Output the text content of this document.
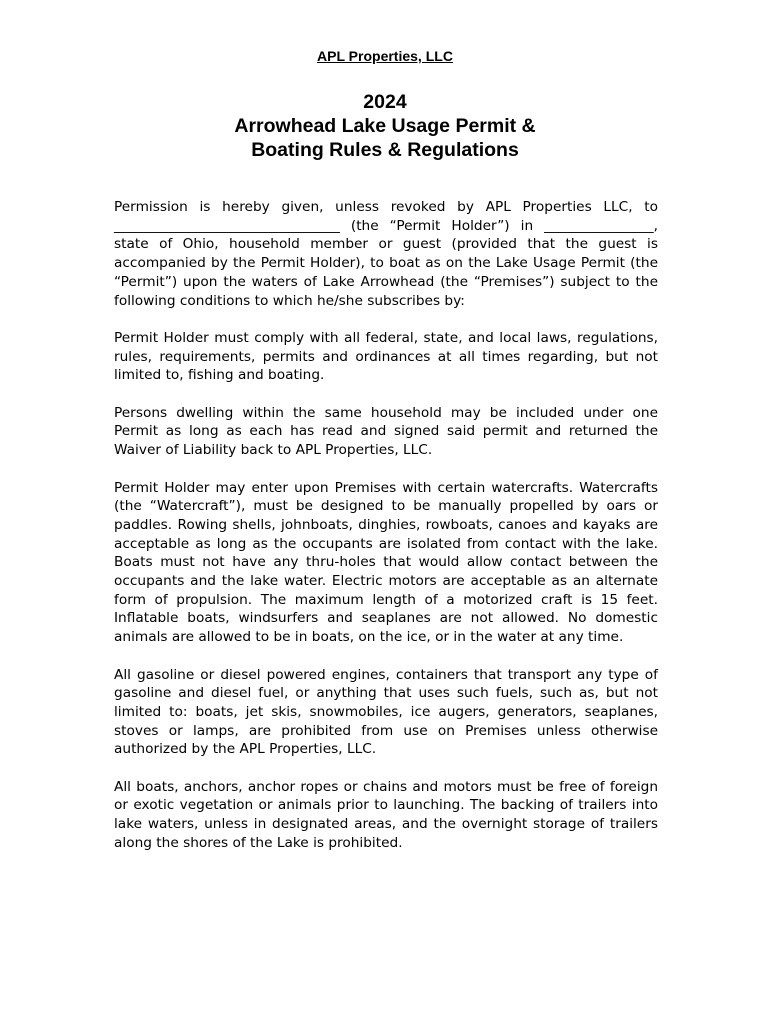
APL Properties, LLC
2024
Arrowhead Lake Usage Permit &
Boating Rules & Regulations

Permission is hereby given, unless revoked by APL Properties LLC, to _________________________________ (the “Permit Holder”) in ________________, state of Ohio, household member or guest (provided that the guest is accompanied by the Permit Holder), to boat as on the Lake Usage Permit (the “Permit”) upon the waters of Lake Arrowhead (the “Premises”) subject to the following conditions to which he/she subscribes by:

Permit Holder must comply with all federal, state, and local laws, regulations, rules, requirements, permits and ordinances at all times regarding, but not limited to, fishing and boating.

Persons dwelling within the same household may be included under one Permit as long as each has read and signed said permit and returned the Waiver of Liability back to APL Properties, LLC.

Permit Holder may enter upon Premises with certain watercrafts. Watercrafts (the “Watercraft”), must be designed to be manually propelled by oars or paddles. Rowing shells, johnboats, dinghies, rowboats, canoes and kayaks are acceptable as long as the occupants are isolated from contact with the lake. Boats must not have any thru-holes that would allow contact between the occupants and the lake water. Electric motors are acceptable as an alternate form of propulsion. The maximum length of a motorized craft is 15 feet. Inflatable boats, windsurfers and seaplanes are not allowed. No domestic animals are allowed to be in boats, on the ice, or in the water at any time.

All gasoline or diesel powered engines, containers that transport any type of gasoline and diesel fuel, or anything that uses such fuels, such as, but not limited to: boats, jet skis, snowmobiles, ice augers, generators, seaplanes, stoves or lamps, are prohibited from use on Premises unless otherwise authorized by the APL Properties, LLC.

All boats, anchors, anchor ropes or chains and motors must be free of foreign or exotic vegetation or animals prior to launching. The backing of trailers into lake waters, unless in designated areas, and the overnight storage of trailers along the shores of the Lake is prohibited.
